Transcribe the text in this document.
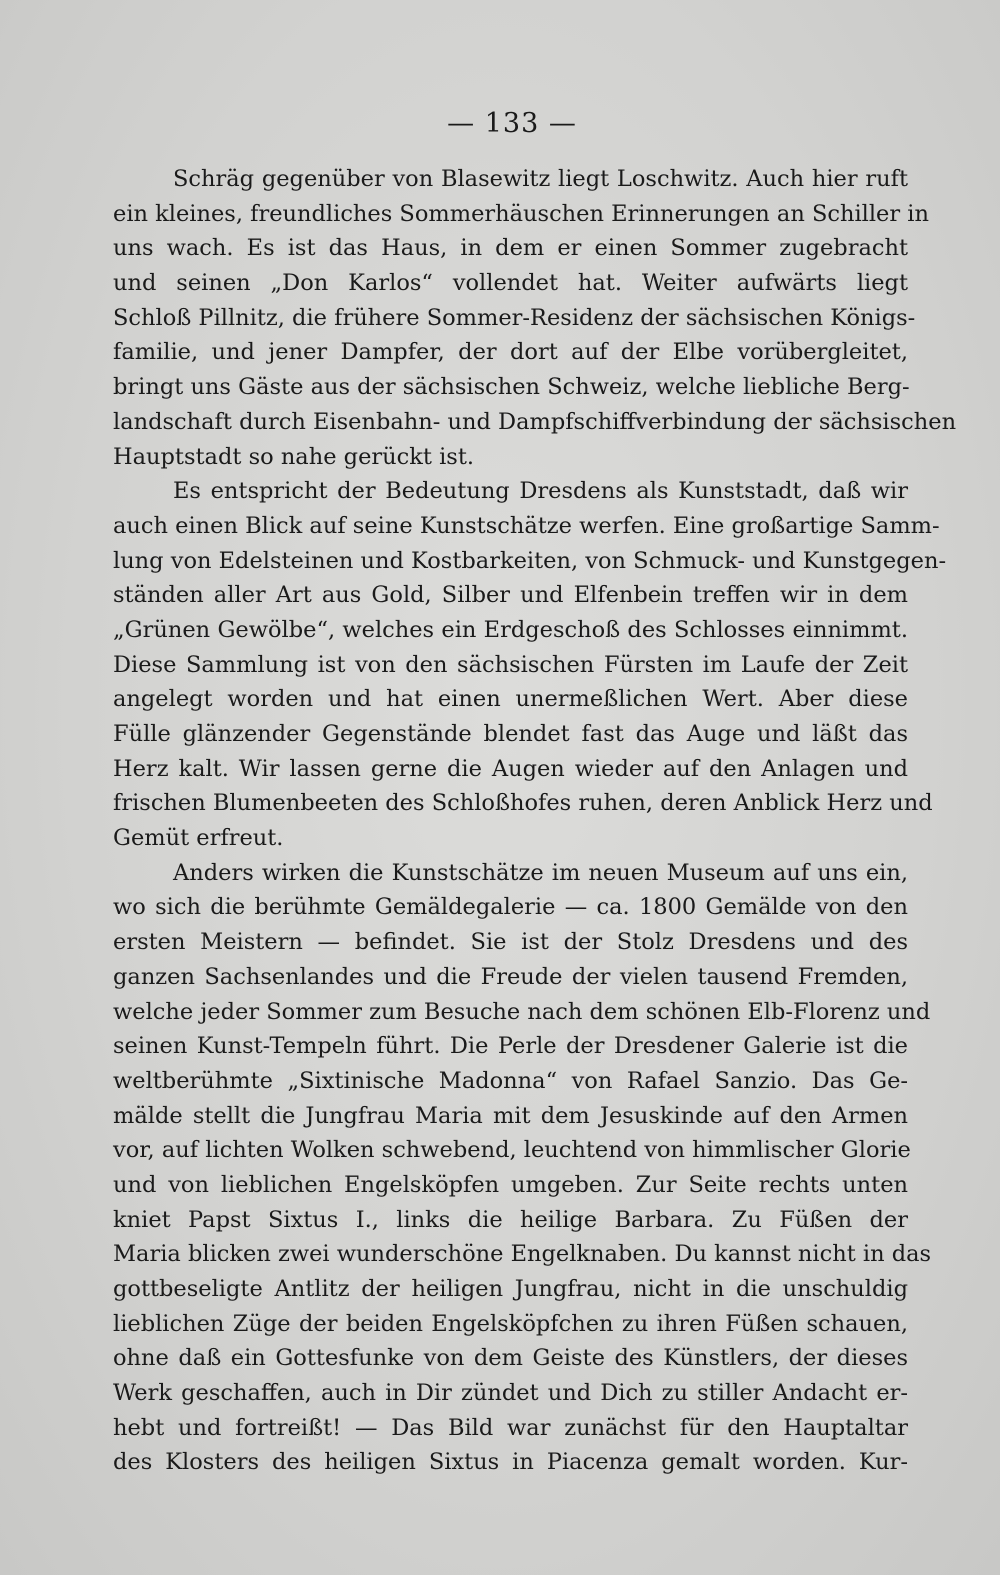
— 133 —
Schräg gegenüber von Blasewitz liegt Loschwitz. Auch hier ruft
ein kleines, freundliches Sommerhäuschen Erinnerungen an Schiller in
uns wach. Es ist das Haus, in dem er einen Sommer zugebracht
und seinen „Don Karlos“ vollendet hat. Weiter aufwärts liegt
Schloß Pillnitz, die frühere Sommer-Residenz der sächsischen Königs-
familie, und jener Dampfer, der dort auf der Elbe vorübergleitet,
bringt uns Gäste aus der sächsischen Schweiz, welche liebliche Berg-
landschaft durch Eisenbahn- und Dampfschiffverbindung der sächsischen
Hauptstadt so nahe gerückt ist.
Es entspricht der Bedeutung Dresdens als Kunststadt, daß wir
auch einen Blick auf seine Kunstschätze werfen. Eine großartige Samm-
lung von Edelsteinen und Kostbarkeiten, von Schmuck- und Kunstgegen-
ständen aller Art aus Gold, Silber und Elfenbein treffen wir in dem
„Grünen Gewölbe“, welches ein Erdgeschoß des Schlosses einnimmt.
Diese Sammlung ist von den sächsischen Fürsten im Laufe der Zeit
angelegt worden und hat einen unermeßlichen Wert. Aber diese
Fülle glänzender Gegenstände blendet fast das Auge und läßt das
Herz kalt. Wir lassen gerne die Augen wieder auf den Anlagen und
frischen Blumenbeeten des Schloßhofes ruhen, deren Anblick Herz und
Gemüt erfreut.
Anders wirken die Kunstschätze im neuen Museum auf uns ein,
wo sich die berühmte Gemäldegalerie — ca. 1800 Gemälde von den
ersten Meistern — befindet. Sie ist der Stolz Dresdens und des
ganzen Sachsenlandes und die Freude der vielen tausend Fremden,
welche jeder Sommer zum Besuche nach dem schönen Elb-Florenz und
seinen Kunst-Tempeln führt. Die Perle der Dresdener Galerie ist die
weltberühmte „Sixtinische Madonna“ von Rafael Sanzio. Das Ge-
mälde stellt die Jungfrau Maria mit dem Jesuskinde auf den Armen
vor, auf lichten Wolken schwebend, leuchtend von himmlischer Glorie
und von lieblichen Engelsköpfen umgeben. Zur Seite rechts unten
kniet Papst Sixtus I., links die heilige Barbara. Zu Füßen der
Maria blicken zwei wunderschöne Engelknaben. Du kannst nicht in das
gottbeseligte Antlitz der heiligen Jungfrau, nicht in die unschuldig
lieblichen Züge der beiden Engelsköpfchen zu ihren Füßen schauen,
ohne daß ein Gottesfunke von dem Geiste des Künstlers, der dieses
Werk geschaffen, auch in Dir zündet und Dich zu stiller Andacht er-
hebt und fortreißt! — Das Bild war zunächst für den Hauptaltar
des Klosters des heiligen Sixtus in Piacenza gemalt worden. Kur-
